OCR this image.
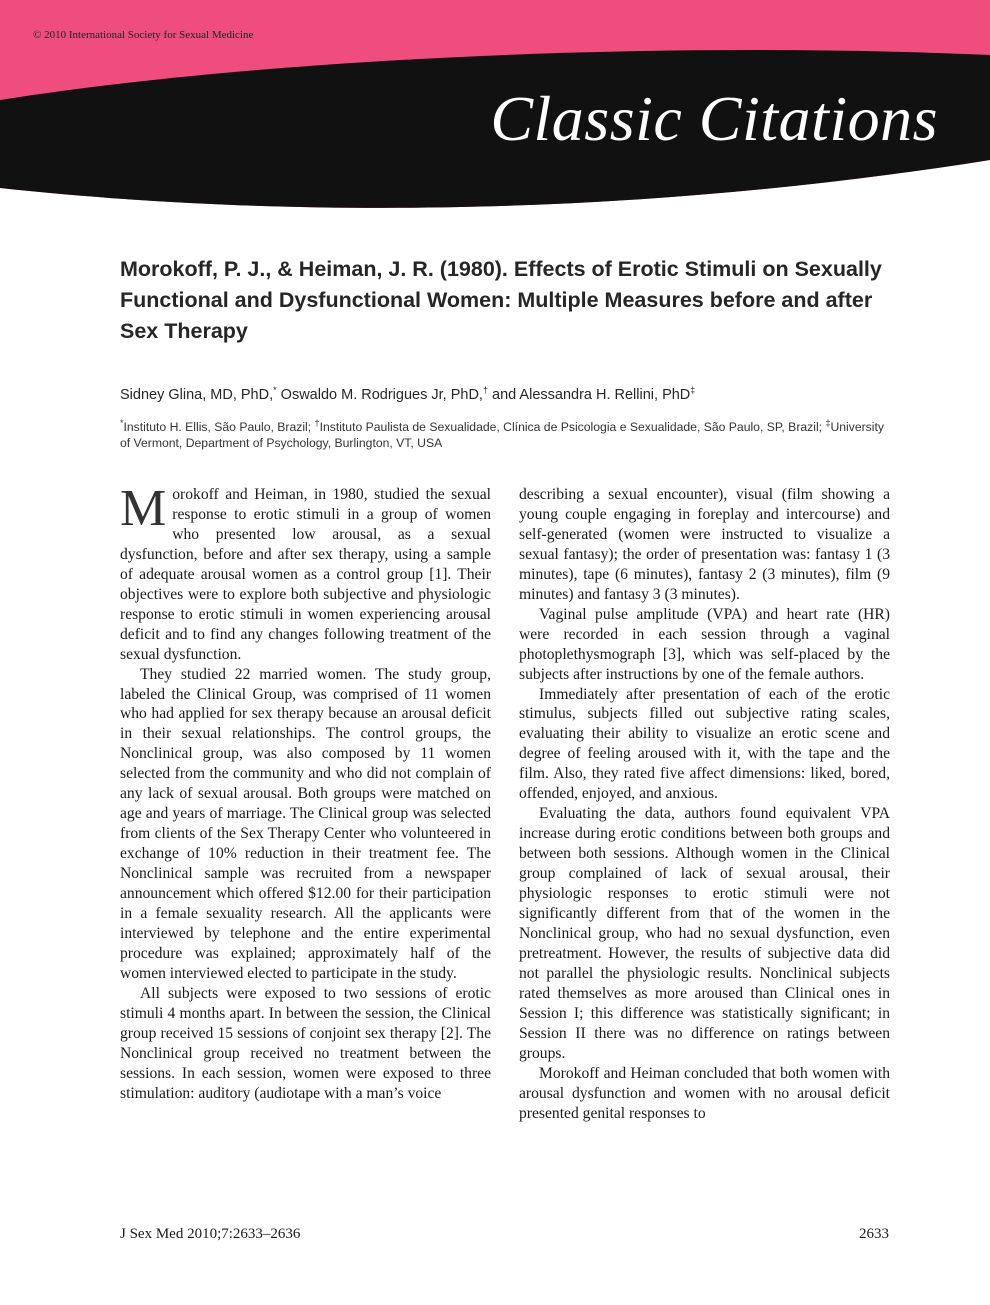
© 2010 International Society for Sexual Medicine
Classic Citations
Morokoff, P. J., & Heiman, J. R. (1980). Effects of Erotic Stimuli on Sexually Functional and Dysfunctional Women: Multiple Measures before and after Sex Therapy
Sidney Glina, MD, PhD,* Oswaldo M. Rodrigues Jr, PhD,† and Alessandra H. Rellini, PhD‡
*Instituto H. Ellis, São Paulo, Brazil; †Instituto Paulista de Sexualidade, Clínica de Psicologia e Sexualidade, São Paulo, SP, Brazil; ‡University of Vermont, Department of Psychology, Burlington, VT, USA

Morokoff and Heiman, in 1980, studied the sexual response to erotic stimuli in a group of women who presented low arousal, as a sexual dysfunction, before and after sex therapy, using a sample of adequate arousal women as a control group [1]. Their objectives were to explore both subjective and physiologic response to erotic stimuli in women experiencing arousal deficit and to find any changes following treatment of the sexual dysfunction.

They studied 22 married women. The study group, labeled the Clinical Group, was comprised of 11 women who had applied for sex therapy because an arousal deficit in their sexual relationships. The control groups, the Nonclinical group, was also composed by 11 women selected from the community and who did not complain of any lack of sexual arousal. Both groups were matched on age and years of marriage. The Clinical group was selected from clients of the Sex Therapy Center who volunteered in exchange of 10% reduction in their treatment fee. The Nonclinical sample was recruited from a newspaper announcement which offered $12.00 for their participation in a female sexuality research. All the applicants were interviewed by telephone and the entire experimental procedure was explained; approximately half of the women interviewed elected to participate in the study.

All subjects were exposed to two sessions of erotic stimuli 4 months apart. In between the session, the Clinical group received 15 sessions of conjoint sex therapy [2]. The Nonclinical group received no treatment between the sessions. In each session, women were exposed to three stimulation: auditory (audiotape with a man’s voice

describing a sexual encounter), visual (film showing a young couple engaging in foreplay and intercourse) and self-generated (women were instructed to visualize a sexual fantasy); the order of presentation was: fantasy 1 (3 minutes), tape (6 minutes), fantasy 2 (3 minutes), film (9 minutes) and fantasy 3 (3 minutes).

Vaginal pulse amplitude (VPA) and heart rate (HR) were recorded in each session through a vaginal photoplethysmograph [3], which was self-placed by the subjects after instructions by one of the female authors.

Immediately after presentation of each of the erotic stimulus, subjects filled out subjective rating scales, evaluating their ability to visualize an erotic scene and degree of feeling aroused with it, with the tape and the film. Also, they rated five affect dimensions: liked, bored, offended, enjoyed, and anxious.

Evaluating the data, authors found equivalent VPA increase during erotic conditions between both groups and between both sessions. Although women in the Clinical group complained of lack of sexual arousal, their physiologic responses to erotic stimuli were not significantly different from that of the women in the Nonclinical group, who had no sexual dysfunction, even pretreatment. However, the results of subjective data did not parallel the physiologic results. Nonclinical subjects rated themselves as more aroused than Clinical ones in Session I; this difference was statistically significant; in Session II there was no difference on ratings between groups.

Morokoff and Heiman concluded that both women with arousal dysfunction and women with no arousal deficit presented genital responses to

J Sex Med 2010;7:2633–2636	2633
